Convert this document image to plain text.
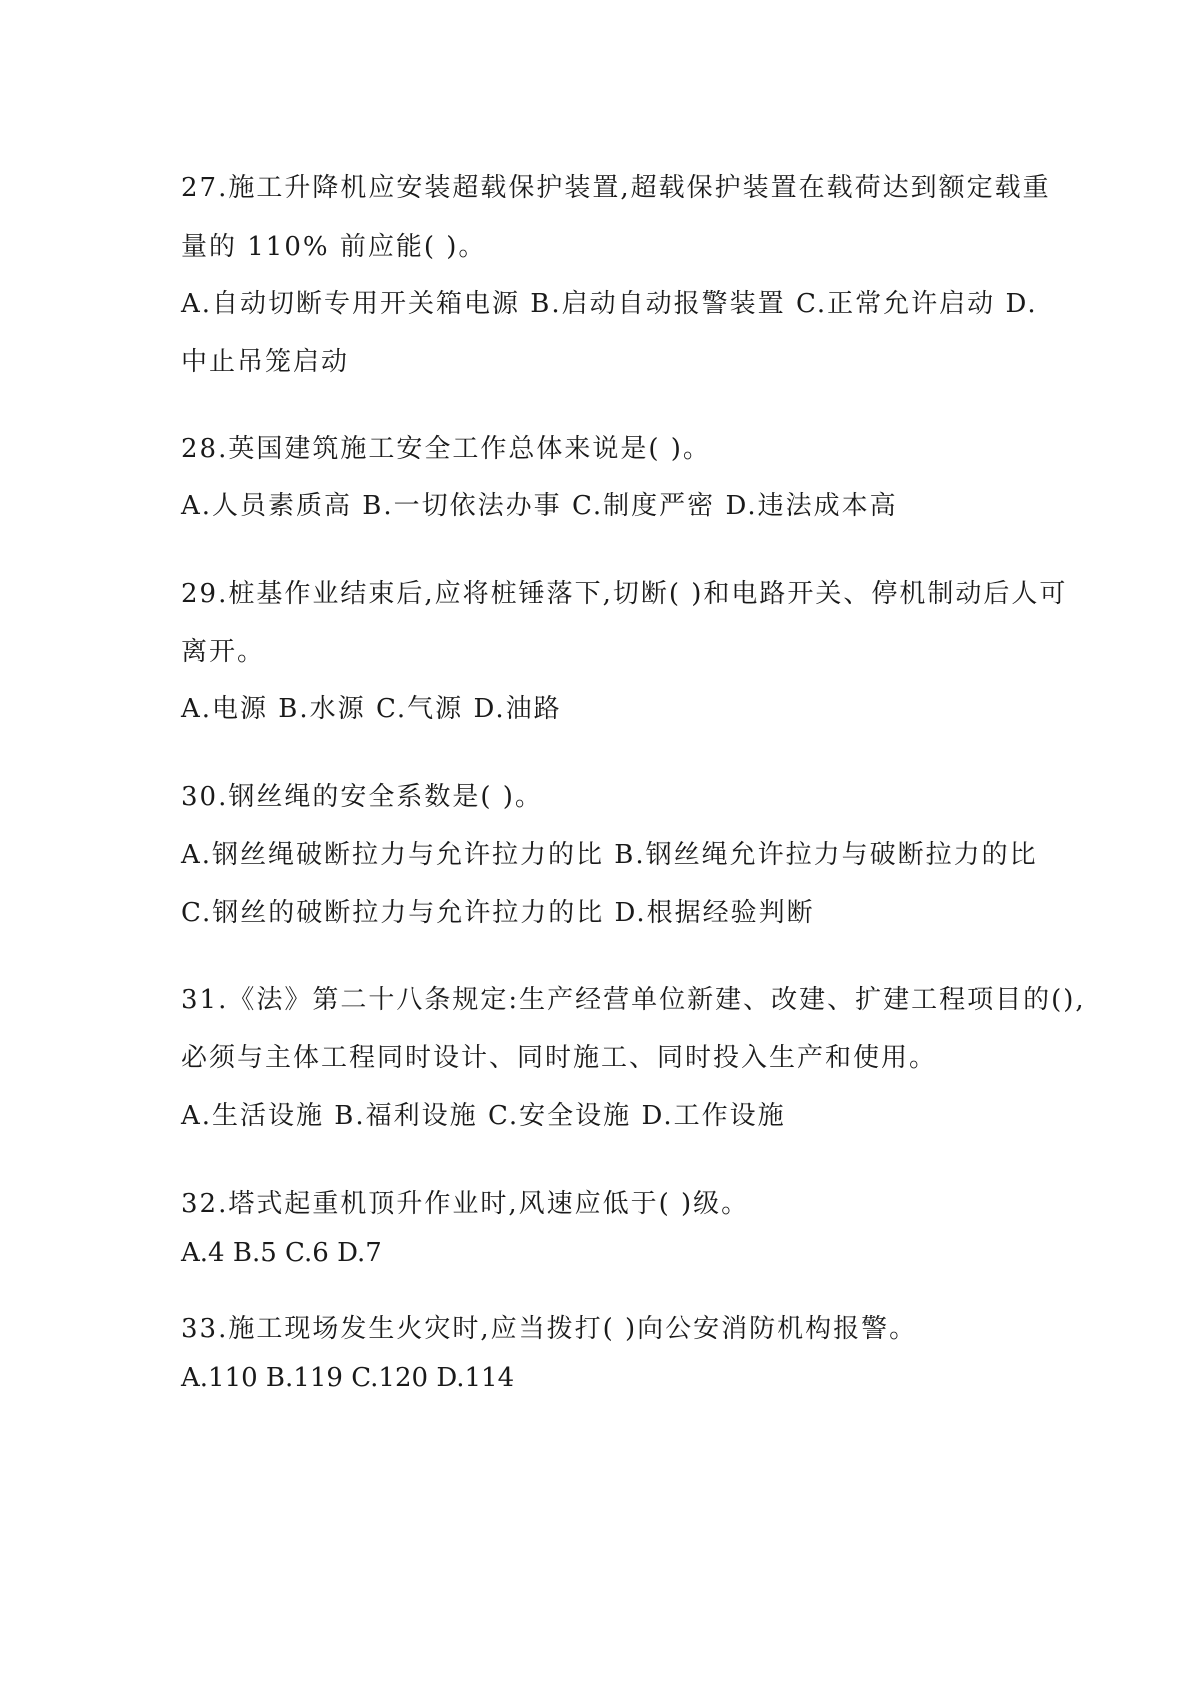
27.施工升降机应安装超载保护装置,超载保护装置在载荷达到额定载重
量的 110% 前应能( )。
A.自动切断专用开关箱电源 B.启动自动报警装置 C.正常允许启动 D.
中止吊笼启动
28.英国建筑施工安全工作总体来说是( )。
A.人员素质高 B.一切依法办事 C.制度严密 D.违法成本高
29.桩基作业结束后,应将桩锤落下,切断( )和电路开关、停机制动后人可
离开。
A.电源 B.水源 C.气源 D.油路
30.钢丝绳的安全系数是( )。
A.钢丝绳破断拉力与允许拉力的比 B.钢丝绳允许拉力与破断拉力的比
C.钢丝的破断拉力与允许拉力的比 D.根据经验判断
31.《法》第二十八条规定:生产经营单位新建、改建、扩建工程项目的(),
必须与主体工程同时设计、同时施工、同时投入生产和使用。
A.生活设施 B.福利设施 C.安全设施 D.工作设施
32.塔式起重机顶升作业时,风速应低于( )级。
A.4 B.5 C.6 D.7
33.施工现场发生火灾时,应当拨打( )向公安消防机构报警。
A.110 B.119 C.120 D.114
